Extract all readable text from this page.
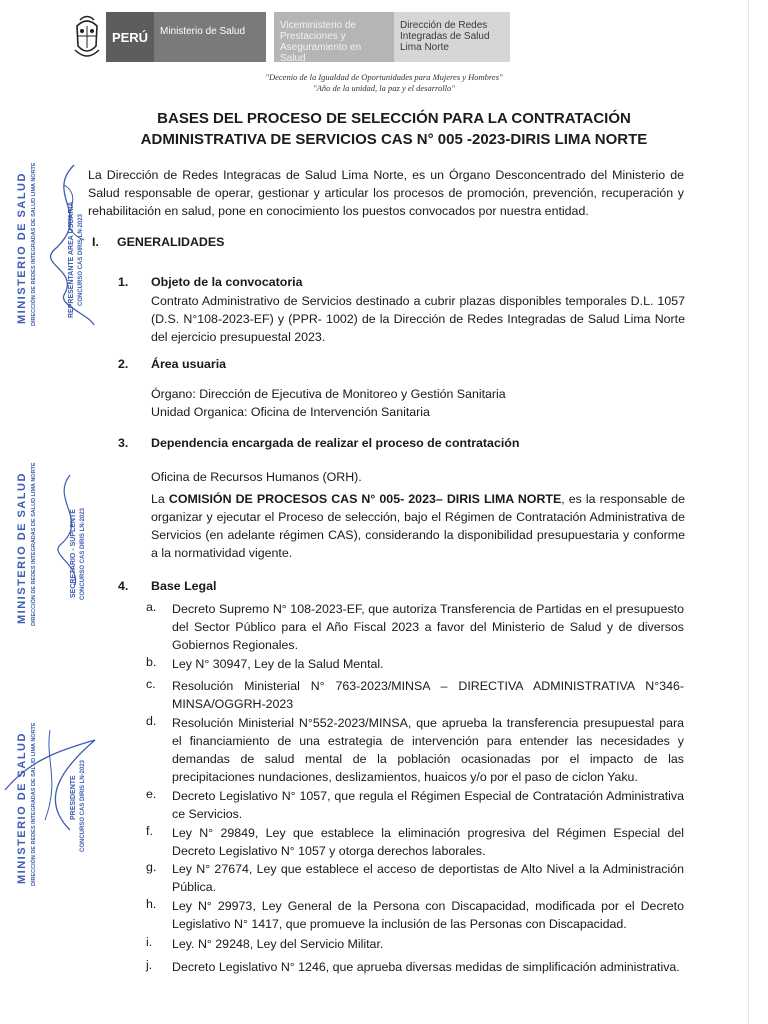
PERÚ	Ministerio de Salud
Viceministerio de Prestaciones y Aseguramiento en Salud
Dirección de Redes Integradas de Salud Lima Norte
"Decenio de la Igualdad de Oportunidades para Mujeres y Hombres"
"Año de la unidad, la paz y el desarrollo"
BASES DEL PROCESO DE SELECCIÓN PARA LA CONTRATACIÓN
ADMINISTRATIVA DE SERVICIOS CAS N° 005 -2023-DIRIS LIMA NORTE
La Dirección de Redes Integracas de Salud Lima Norte, es un Órgano Desconcentrado del Ministerio de Salud responsable de operar, gestionar y articular los procesos de promoción, prevención, recuperación y rehabilitación en salud, pone en conocimiento los puestos convocados por nuestra entidad.
I. GENERALIDADES
1. Objeto de la convocatoria
Contrato Administrativo de Servicios destinado a cubrir plazas disponibles temporales D.L. 1057 (D.S. N°108-2023-EF) y (PPR- 1002) de la Dirección de Redes Integradas de Salud Lima Norte del ejercicio presupuestal 2023.
2. Área usuaria
Órgano: Dirección de Ejecutiva de Monitoreo y Gestión Sanitaria
Unidad Organica: Oficina de Intervención Sanitaria
3. Dependencia encargada de realizar el proceso de contratación
Oficina de Recursos Humanos (ORH).
La COMISIÓN DE PROCESOS CAS N° 005- 2023– DIRIS LIMA NORTE, es la responsable de organizar y ejecutar el Proceso de selección, bajo el Régimen de Contratación Administrativa de Servicios (en adelante régimen CAS), considerando la disponibilidad presupuestaria y conforme a la normatividad vigente.
4. Base Legal
a. Decreto Supremo N° 108-2023-EF, que autoriza Transferencia de Partidas en el presupuesto del Sector Público para el Año Fiscal 2023 a favor del Ministerio de Salud y de diversos Gobiernos Regionales.
b. Ley N° 30947, Ley de la Salud Mental.
c. Resolución Ministerial N° 763-2023/MINSA – DIRECTIVA ADMINISTRATIVA N°346-MINSA/OGGRH-2023
d. Resolución Ministerial N°552-2023/MINSA, que aprueba la transferencia presupuestal para el financiamiento de una estrategia de intervención para entender las necesidades y demandas de salud mental de la población ocasionadas por el impacto de las precipitaciones nundaciones, deslizamientos, huaicos y/o por el paso de ciclon Yaku.
e. Decreto Legislativo N° 1057, que regula el Régimen Especial de Contratación Administrativa ce Servicios.
f. Ley N° 29849, Ley que establece la eliminación progresiva del Régimen Especial del Decreto Legislativo N° 1057 y otorga derechos laborales.
g. Ley N° 27674, Ley que establece el acceso de deportistas de Alto Nivel a la Administración Pública.
h. Ley N° 29973, Ley General de la Persona con Discapacidad, modificada por el Decreto Legislativo N° 1417, que promueve la inclusión de las Personas con Discapacidad.
i. Ley. N° 29248, Ley del Servicio Militar.
j. Decreto Legislativo N° 1246, que aprueba diversas medidas de simplificación administrativa.
MINISTERIO DE SALUD DIRECCIÓN DE REDES INTEGRADAS DE SALUD LIMA NORTE	REPRESENTANTE AREA USUARIA CONCURSO CAS DIRIS LN-2023
MINISTERIO DE SALUD DIRECCIÓN DE REDES INTEGRADAS DE SALUD LIMA NORTE	SECRETARIO - SUPLENTE CONCURSO CAS DIRIS LN-2023
MINISTERIO DE SALUD DIRECCIÓN DE REDES INTEGRADAS DE SALUD LIMA NORTE	PRESIDENTE CONCURSO CAS DIRIS LN-2023
